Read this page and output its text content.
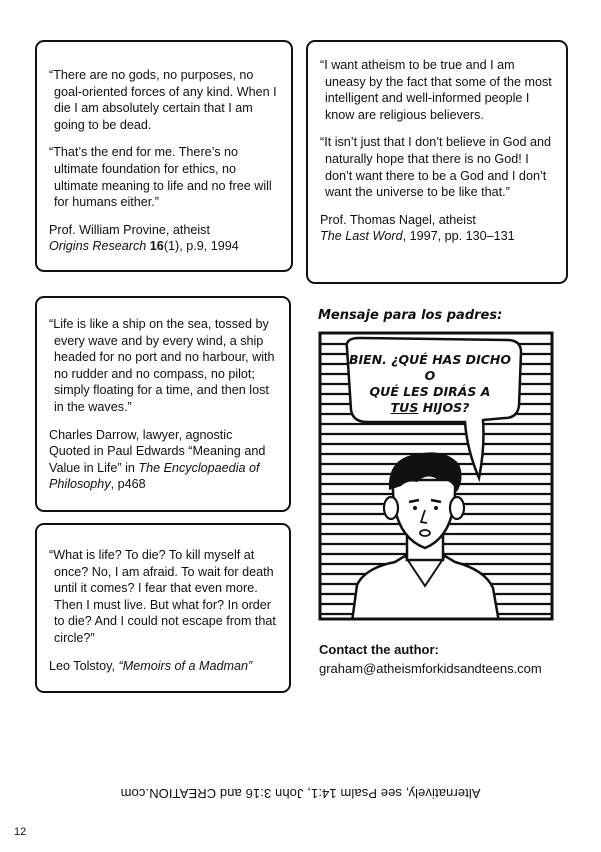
“There are no gods, no purposes, no goal-oriented forces of any kind. When I die I am absolutely certain that I am going to be dead.

“That’s the end for me. There’s no ultimate foundation for ethics, no ultimate meaning to life and no free will for humans either.”

Prof. William Provine, atheist

Origins Research 16(1), p.9, 1994

“I want atheism to be true and I am uneasy by the fact that some of the most intelligent and well-informed people I know are religious believers.

“It isn’t just that I don’t believe in God and naturally hope that there is no God! I don’t want there to be a God and I don’t want the universe to be like that.”

Prof. Thomas Nagel, atheist

The Last Word, 1997, pp. 130–131

“Life is like a ship on the sea, tossed by every wave and by every wind, a ship headed for no port and no harbour, with no rudder and no compass, no pilot; simply floating for a time, and then lost in the waves.”

Charles Darrow, lawyer, agnostic

Quoted in Paul Edwards “Meaning and Value in Life” in The Encyclopaedia of Philosophy, p468

“What is life? To die? To kill myself at once? No, I am afraid. To wait for death until it comes? I fear that even more. Then I must live. But what for? In order to die? And I could not escape from that circle?”

Leo Tolstoy, “Memoirs of a Madman”

Mensaje para los padres:
BIEN. ¿QUÉ HAS DICHO O
QUÉ LES DIRÁS A
TUS HIJOS?
Contact the author:
graham@atheismforkidsandteens.com
Alternatively, see Psalm 14:1, John 3:16 and CREATION.com
12
